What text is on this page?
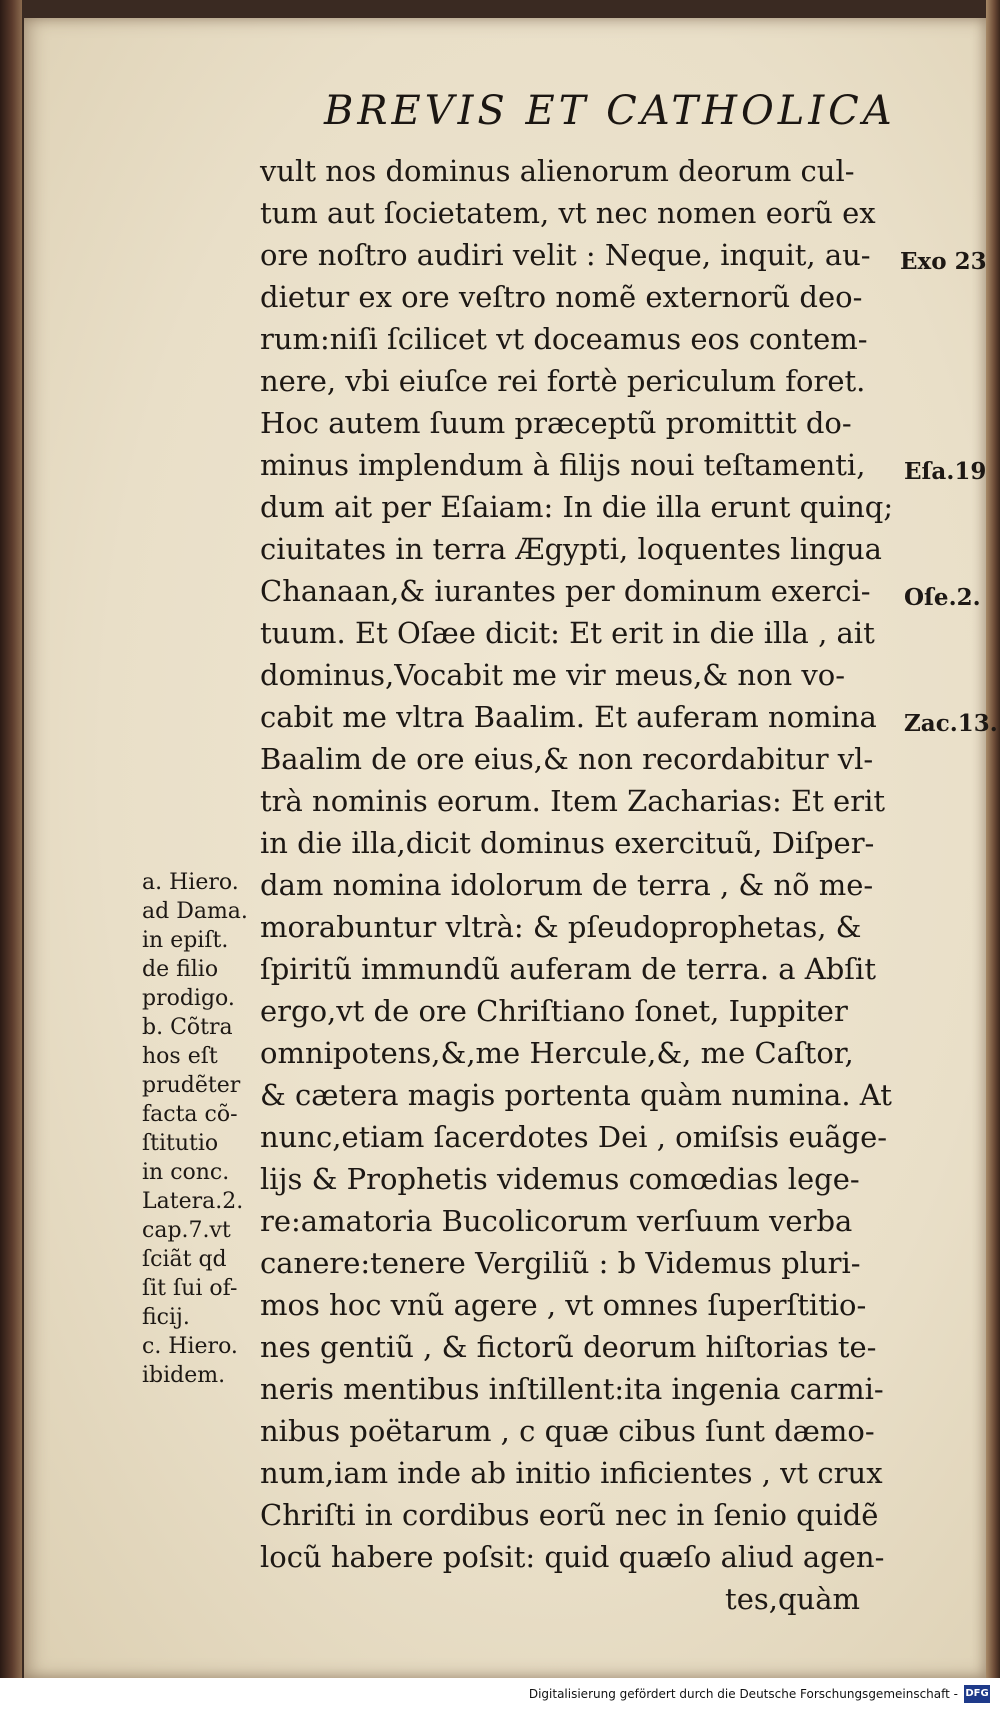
BREVIS ET CATHOLICA
vult nos dominus alienorum deorum cul-
tum aut ſocietatem, vt nec nomen eorũ ex
ore noſtro audiri velit : Neque, inquit, au-
dietur ex ore veſtro nomẽ externorũ deo-
rum:niſi ſcilicet vt doceamus eos contem-
nere, vbi eiuſce rei fortè periculum foret.
Hoc autem ſuum præceptũ promittit do-
minus implendum à filijs noui teſtamenti,
dum ait per Eſaiam: In die illa erunt quinq;
ciuitates in terra Ægypti, loquentes lingua
Chanaan,& iurantes per dominum exerci-
tuum. Et Oſæe dicit: Et erit in die illa , ait
dominus,Vocabit me vir meus,& non vo-
cabit me vltra Baalim. Et auferam nomina
Baalim de ore eius,& non recordabitur vl-
trà nominis eorum. Item Zacharias: Et erit
in die illa,dicit dominus exercituũ, Diſper-
dam nomina idolorum de terra , & nõ me-
morabuntur vltrà: & pſeudoprophetas, &
ſpiritũ immundũ auferam de terra. a Abſit
ergo,vt de ore Chriſtiano ſonet, Iuppiter
omnipotens,&,me Hercule,&, me Caſtor,
& cætera magis portenta quàm numina. At
nunc,etiam ſacerdotes Dei , omiſsis euãge-
lijs & Prophetis videmus comœdias lege-
re:amatoria Bucolicorum verſuum verba
canere:tenere Vergiliũ : b Videmus pluri-
mos hoc vnũ agere , vt omnes ſuperſtitio-
nes gentiũ , & fictorũ deorum hiſtorias te-
neris mentibus inſtillent:ita ingenia carmi-
nibus poëtarum , c quæ cibus ſunt dæmo-
num,iam inde ab initio inficientes , vt crux
Chriſti in cordibus eorũ nec in ſenio quidẽ
locũ habere poſsit: quid quæſo aliud agen-
tes,quàm
Exo 23
Eſa.19
Oſe.2.
Zac.13.
a. Hiero.
ad Dama.
in epiſt.
de filio
prodigo.
b. Cõtra
hos eſt
prudẽter
facta cõ-
ſtitutio
in conc.
Latera.2.
cap.7.vt
ſciãt qd
ſit ſui of-
ficij.
c. Hiero.
ibidem.
Digitalisierung gefördert durch die Deutsche Forschungsgemeinschaft - DFG
